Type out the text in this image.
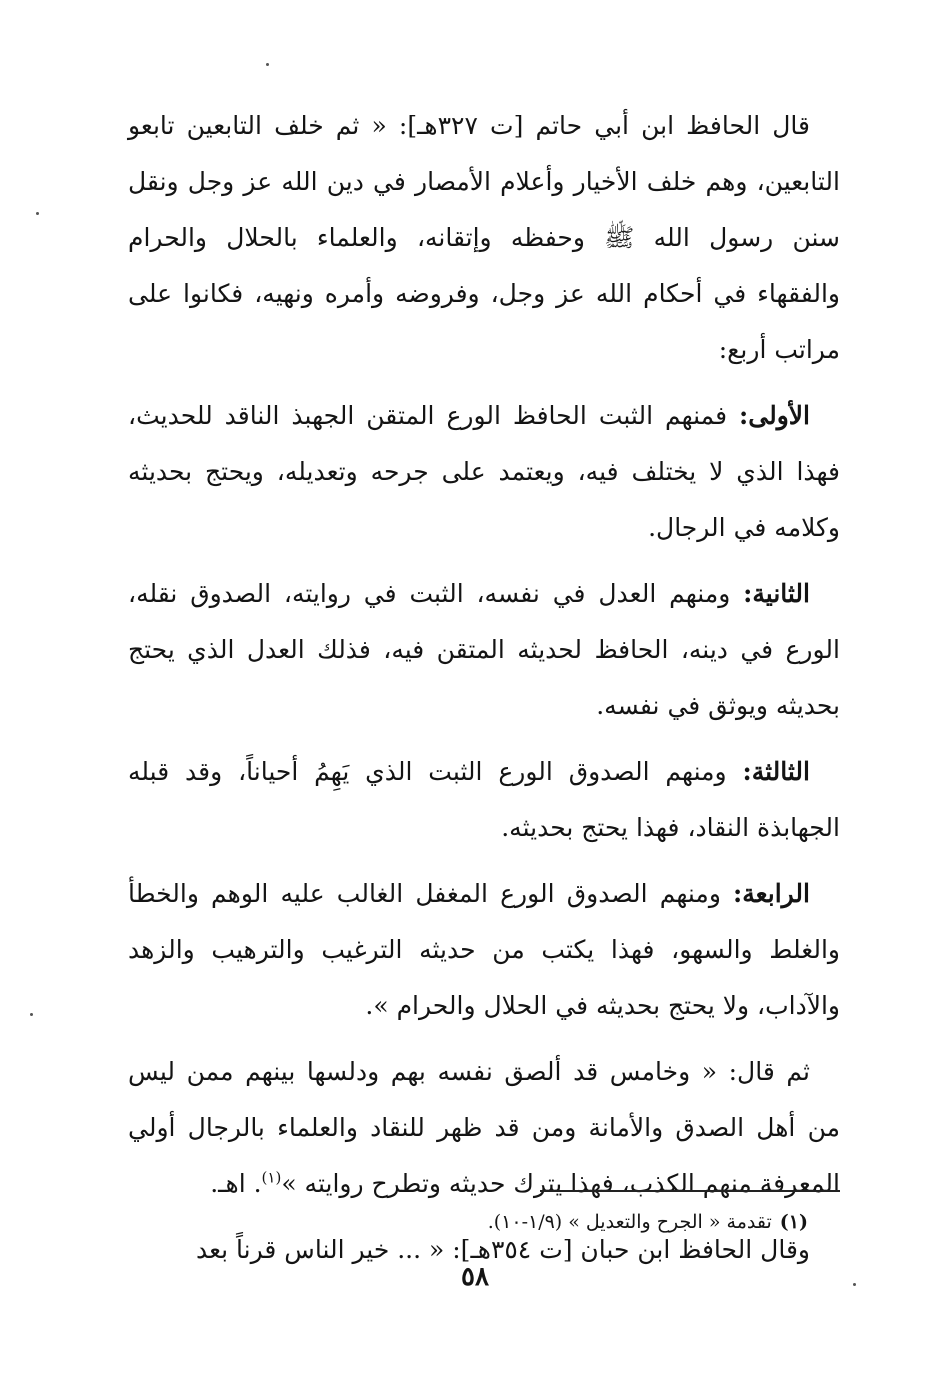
قال الحافظ ابن أبي حاتم [ت ٣٢٧هـ]: « ثم خلف التابعين تابعو التابعين، وهم خلف الأخيار وأعلام الأمصار في دين الله عز وجل ونقل سنن رسول الله ﷺ وحفظه وإتقانه، والعلماء بالحلال والحرام والفقهاء في أحكام الله عز وجل، وفروضه وأمره ونهيه، فكانوا على مراتب أربع:

الأولى: فمنهم الثبت الحافظ الورع المتقن الجهبذ الناقد للحديث، فهذا الذي لا يختلف فيه، ويعتمد على جرحه وتعديله، ويحتج بحديثه وكلامه في الرجال.

الثانية: ومنهم العدل في نفسه، الثبت في روايته، الصدوق نقله، الورع في دينه، الحافظ لحديثه المتقن فيه، فذلك العدل الذي يحتج بحديثه ويوثق في نفسه.

الثالثة: ومنهم الصدوق الورع الثبت الذي يَهِمُ أحياناً، وقد قبله الجهابذة النقاد، فهذا يحتج بحديثه.

الرابعة: ومنهم الصدوق الورع المغفل الغالب عليه الوهم والخطأ والغلط والسهو، فهذا يكتب من حديثه الترغيب والترهيب والزهد والآداب، ولا يحتج بحديثه في الحلال والحرام ».

ثم قال: « وخامس قد ألصق نفسه بهم ودلسها بينهم ممن ليس من أهل الصدق والأمانة ومن قد ظهر للنقاد والعلماء بالرجال أولي المعرفة منهم الكذب، فهذا يترك حديثه وتطرح روايته »$^{(١)}$. اهـ.

وقال الحافظ ابن حبان [ت ٣٥٤هـ]: « ... خير الناس قرناً بعد

(١)تقدمة « الجرح والتعديل » (١/٩-١٠).
٥٨
